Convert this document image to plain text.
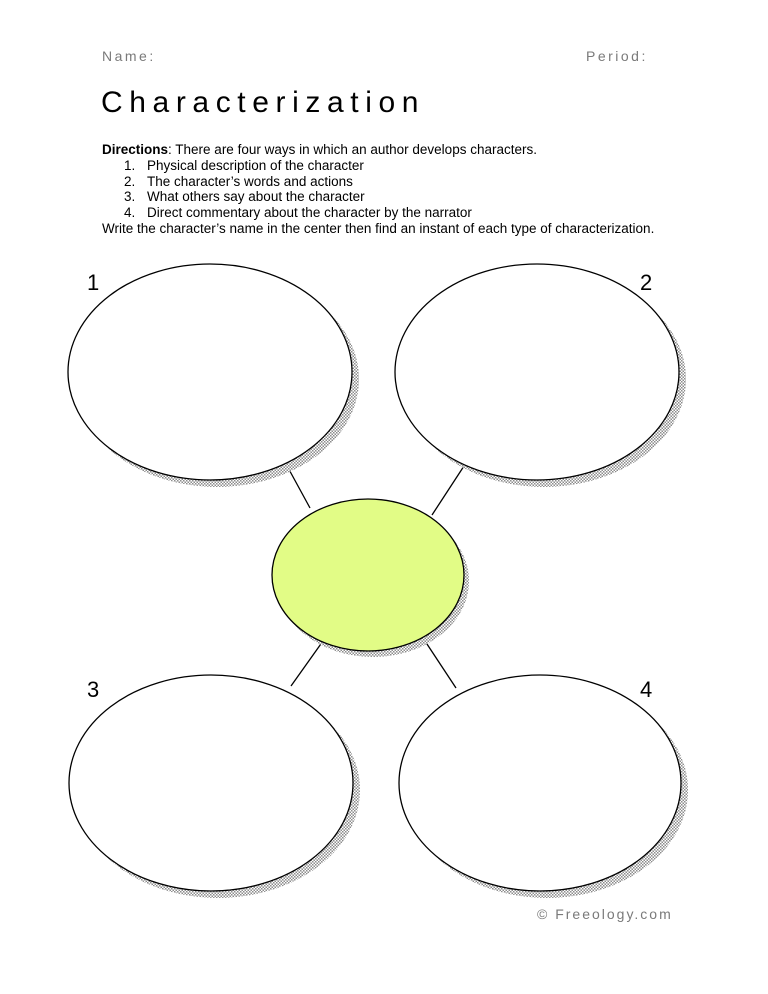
Name:	Period:
Characterization
Directions: There are four ways in which an author develops characters.
1. Physical description of the character
2. The character’s words and actions
3. What others say about the character
4. Direct commentary about the character by the narrator
Write the character’s name in the center then find an instant of each type of characterization.
1	2
3	4
© Freeology.com
